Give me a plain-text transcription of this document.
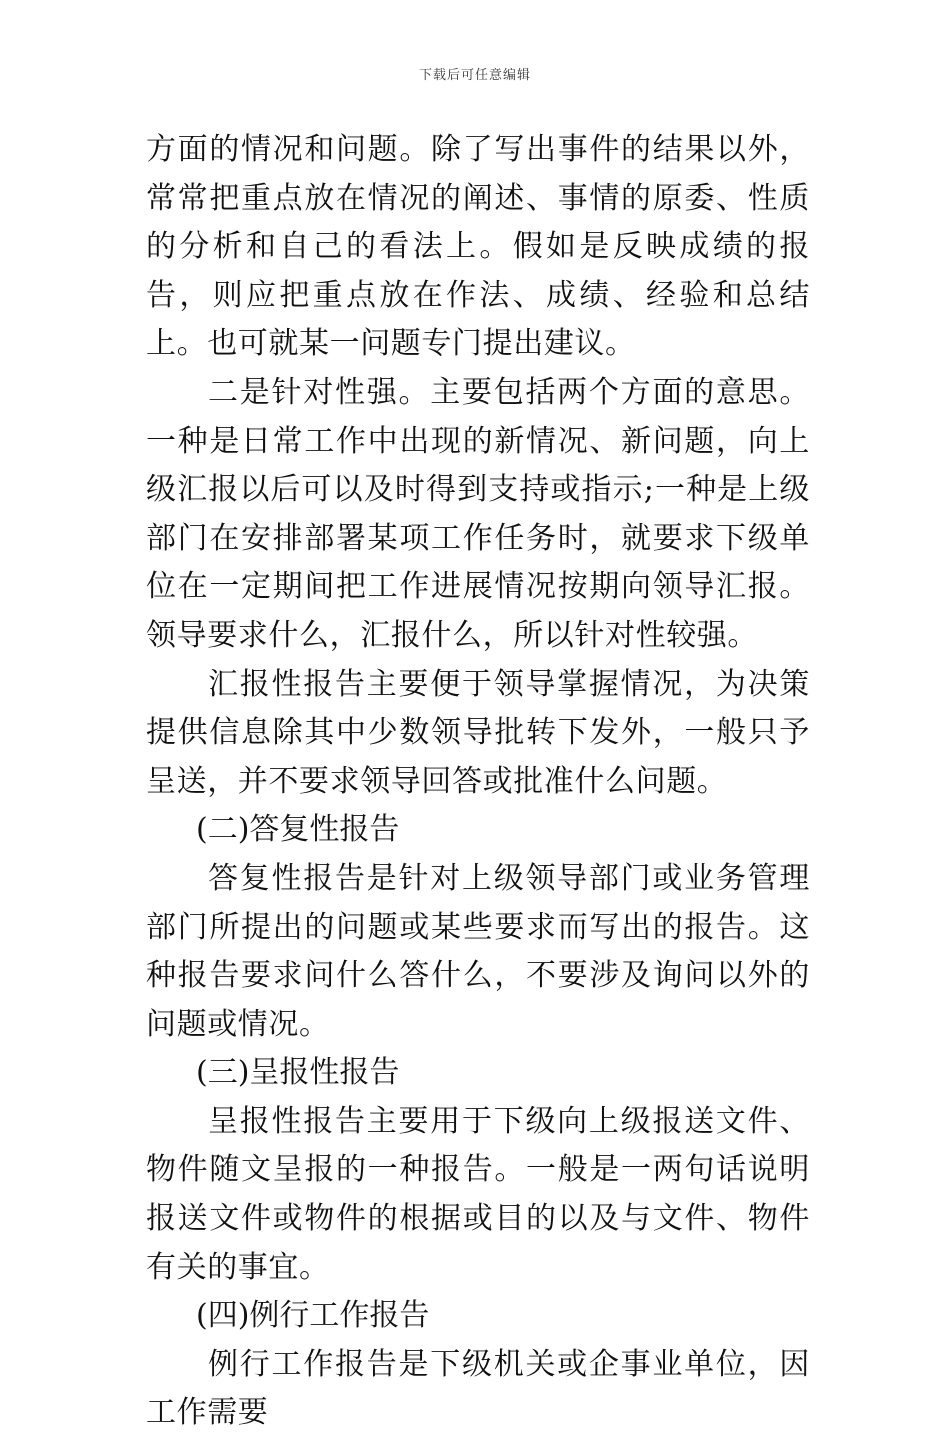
下载后可任意编辑

方面的情况和问题。除了写出事件的结果以外，常常把重点放在情况的阐述、事情的原委、性质的分析和自己的看法上。假如是反映成绩的报告，则应把重点放在作法、成绩、经验和总结上。也可就某一问题专门提出建议。

二是针对性强。主要包括两个方面的意思。一种是日常工作中出现的新情况、新问题，向上级汇报以后可以及时得到支持或指示;一种是上级部门在安排部署某项工作任务时，就要求下级单位在一定期间把工作进展情况按期向领导汇报。领导要求什么，汇报什么，所以针对性较强。

汇报性报告主要便于领导掌握情况，为决策提供信息除其中少数领导批转下发外，一般只予呈送，并不要求领导回答或批准什么问题。

(二)答复性报告

答复性报告是针对上级领导部门或业务管理部门所提出的问题或某些要求而写出的报告。这种报告要求问什么答什么，不要涉及询问以外的问题或情况。

(三)呈报性报告

呈报性报告主要用于下级向上级报送文件、物件随文呈报的一种报告。一般是一两句话说明报送文件或物件的根据或目的以及与文件、物件有关的事宜。

(四)例行工作报告

例行工作报告是下级机关或企事业单位，因工作需要
